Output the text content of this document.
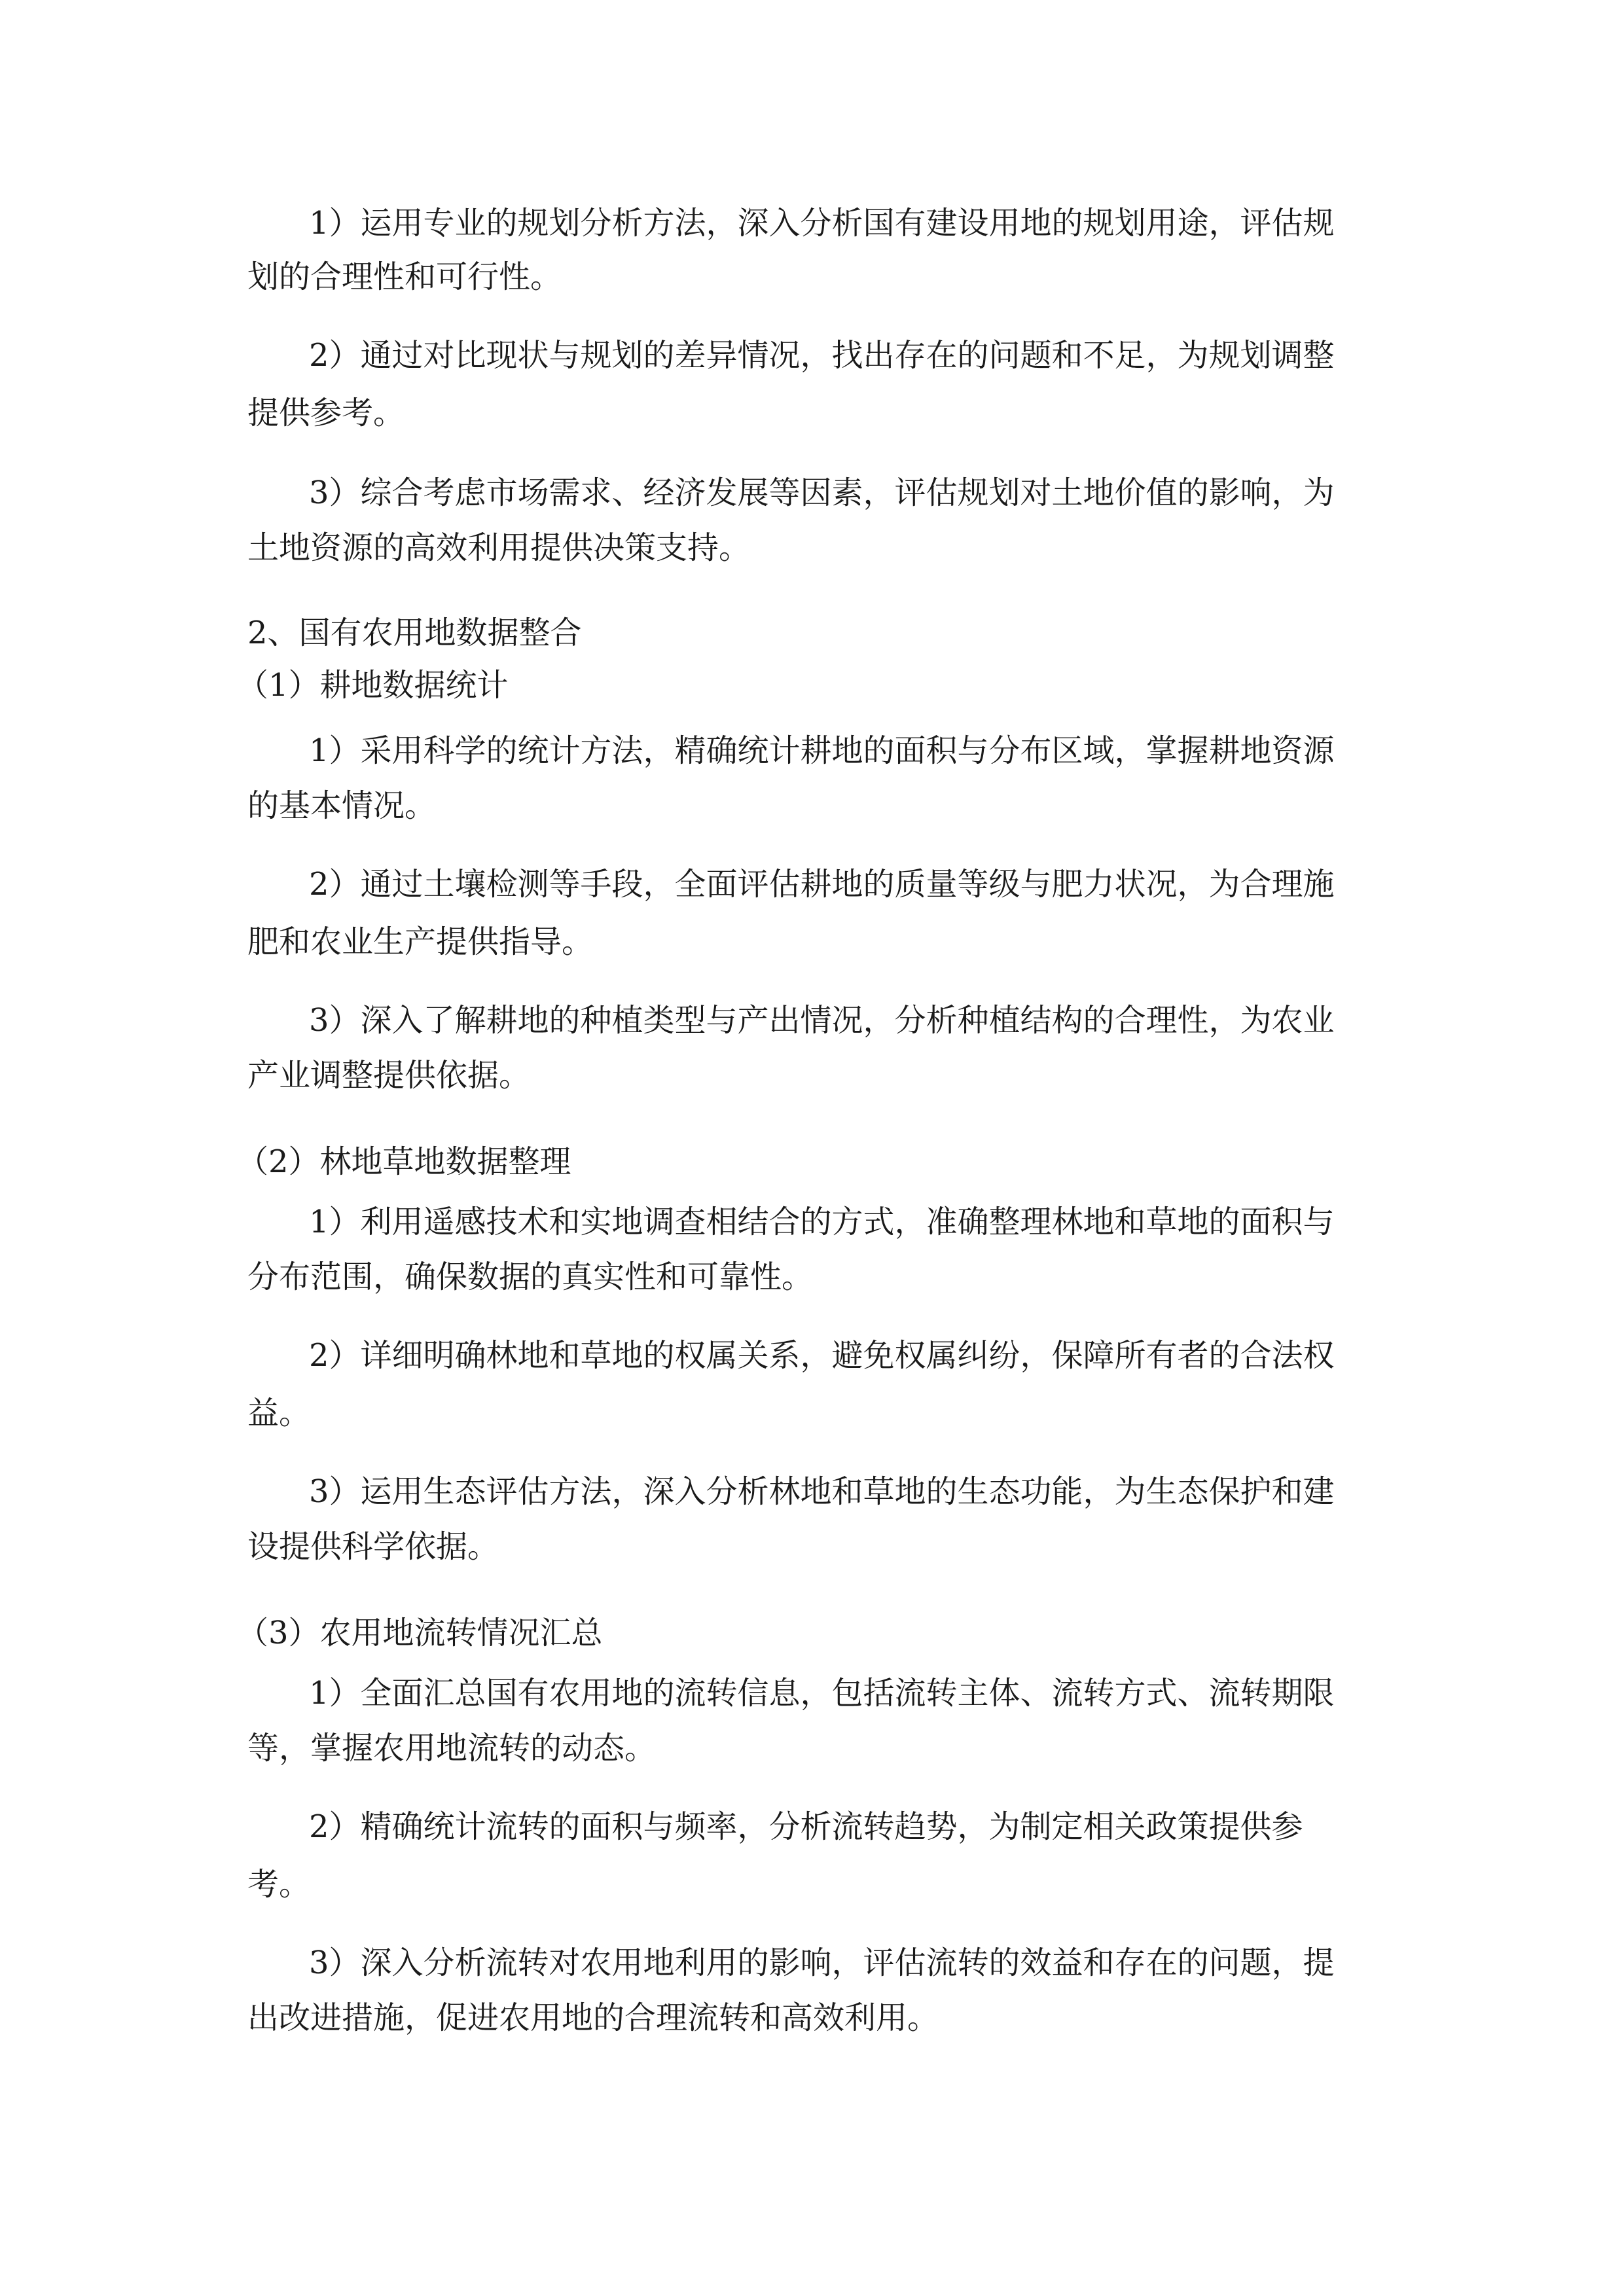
1）运用专业的规划分析方法，深入分析国有建设用地的规划用途，评估规

划的合理性和可行性。

2）通过对比现状与规划的差异情况，找出存在的问题和不足，为规划调整

提供参考。

3）综合考虑市场需求、经济发展等因素，评估规划对土地价值的影响，为

土地资源的高效利用提供决策支持。

2、国有农用地数据整合

（1）耕地数据统计

1）采用科学的统计方法，精确统计耕地的面积与分布区域，掌握耕地资源

的基本情况。

2）通过土壤检测等手段，全面评估耕地的质量等级与肥力状况，为合理施

肥和农业生产提供指导。

3）深入了解耕地的种植类型与产出情况，分析种植结构的合理性，为农业

产业调整提供依据。

（2）林地草地数据整理

1）利用遥感技术和实地调查相结合的方式，准确整理林地和草地的面积与

分布范围，确保数据的真实性和可靠性。

2）详细明确林地和草地的权属关系，避免权属纠纷，保障所有者的合法权

益。

3）运用生态评估方法，深入分析林地和草地的生态功能，为生态保护和建

设提供科学依据。

（3）农用地流转情况汇总

1）全面汇总国有农用地的流转信息，包括流转主体、流转方式、流转期限

等，掌握农用地流转的动态。

2）精确统计流转的面积与频率，分析流转趋势，为制定相关政策提供参

考。

3）深入分析流转对农用地利用的影响，评估流转的效益和存在的问题，提

出改进措施，促进农用地的合理流转和高效利用。
